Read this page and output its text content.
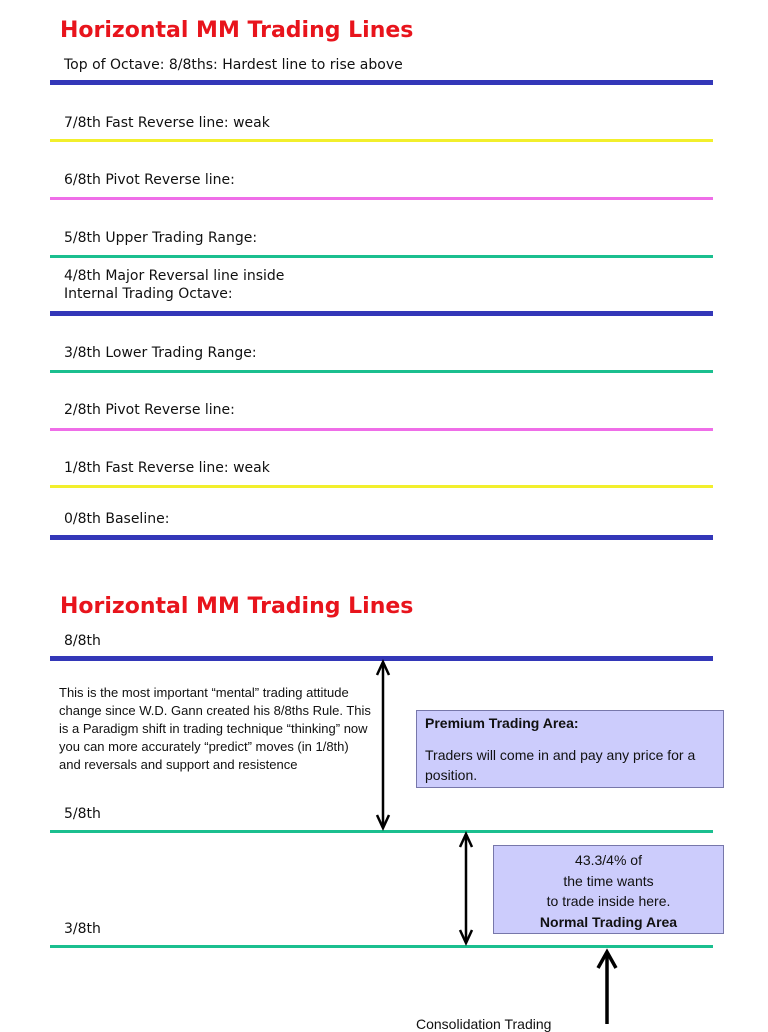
Horizontal MM Trading Lines
Top of Octave: 8/8ths: Hardest line to rise above
7/8th Fast Reverse line: weak
6/8th Pivot Reverse line:
5/8th Upper Trading Range:
4/8th Major Reversal line inside
Internal Trading Octave:
3/8th Lower Trading Range:
2/8th Pivot Reverse line:
1/8th Fast Reverse line: weak
0/8th Baseline:
Horizontal MM Trading Lines
8/8th
This is the most important “mental” trading attitude change since W.D. Gann created his 8/8ths Rule. This is a Paradigm shift in trading technique “thinking” now you can more accurately “predict” moves (in 1/8th) and reversals and support and resistence
Premium Trading Area:
Traders will come in and pay any price for a position.
5/8th
43.3/4% of
the time wants
to trade inside here.
Normal Trading Area
3/8th
Consolidation Trading
